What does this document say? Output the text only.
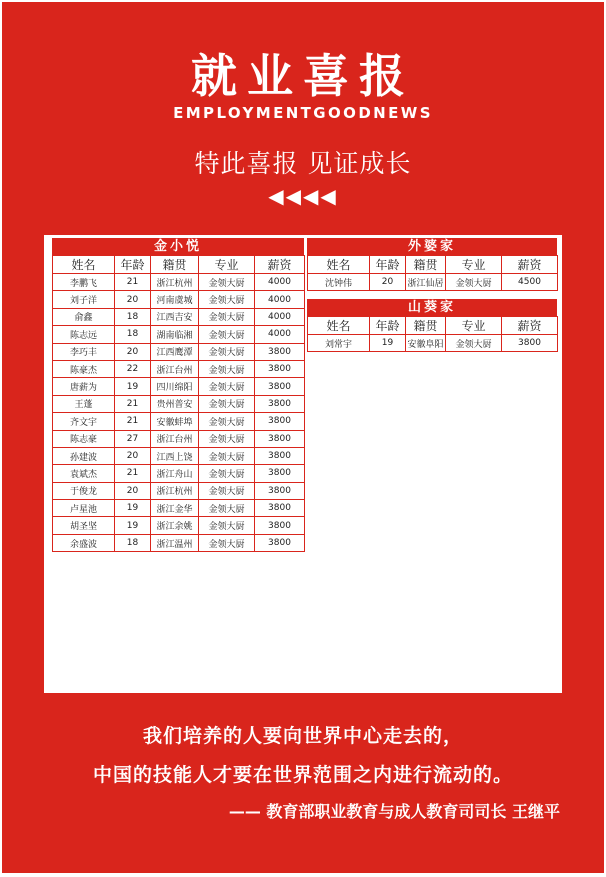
就业喜报
EMPLOYMENTGOODNEWS
特此喜报 见证成长
◀◀◀◀
金小悦
姓名	年龄	籍贯	专业	薪资
李鹏飞	21	浙江杭州	金领大厨	4000
刘子洋	20	河南虞城	金领大厨	4000
俞鑫	18	江西吉安	金领大厨	4000
陈志远	18	湖南临湘	金领大厨	4000
李巧丰	20	江西鹰潭	金领大厨	3800
陈豪杰	22	浙江台州	金领大厨	3800
唐薪为	19	四川绵阳	金领大厨	3800
王蓬	21	贵州普安	金领大厨	3800
齐文宇	21	安徽蚌埠	金领大厨	3800
陈志豪	27	浙江台州	金领大厨	3800
孙建波	20	江西上饶	金领大厨	3800
袁斌杰	21	浙江舟山	金领大厨	3800
于俊龙	20	浙江杭州	金领大厨	3800
卢星池	19	浙江金华	金领大厨	3800
胡圣坚	19	浙江余姚	金领大厨	3800
余盛波	18	浙江温州	金领大厨	3800
外婆家
姓名	年龄	籍贯	专业	薪资
沈钟伟	20	浙江仙居	金领大厨	4500
山葵家
姓名	年龄	籍贯	专业	薪资
刘常宇	19	安徽阜阳	金领大厨	3800
我们培养的人要向世界中心走去的，
中国的技能人才要在世界范围之内进行流动的。
—— 教育部职业教育与成人教育司司长 王继平
